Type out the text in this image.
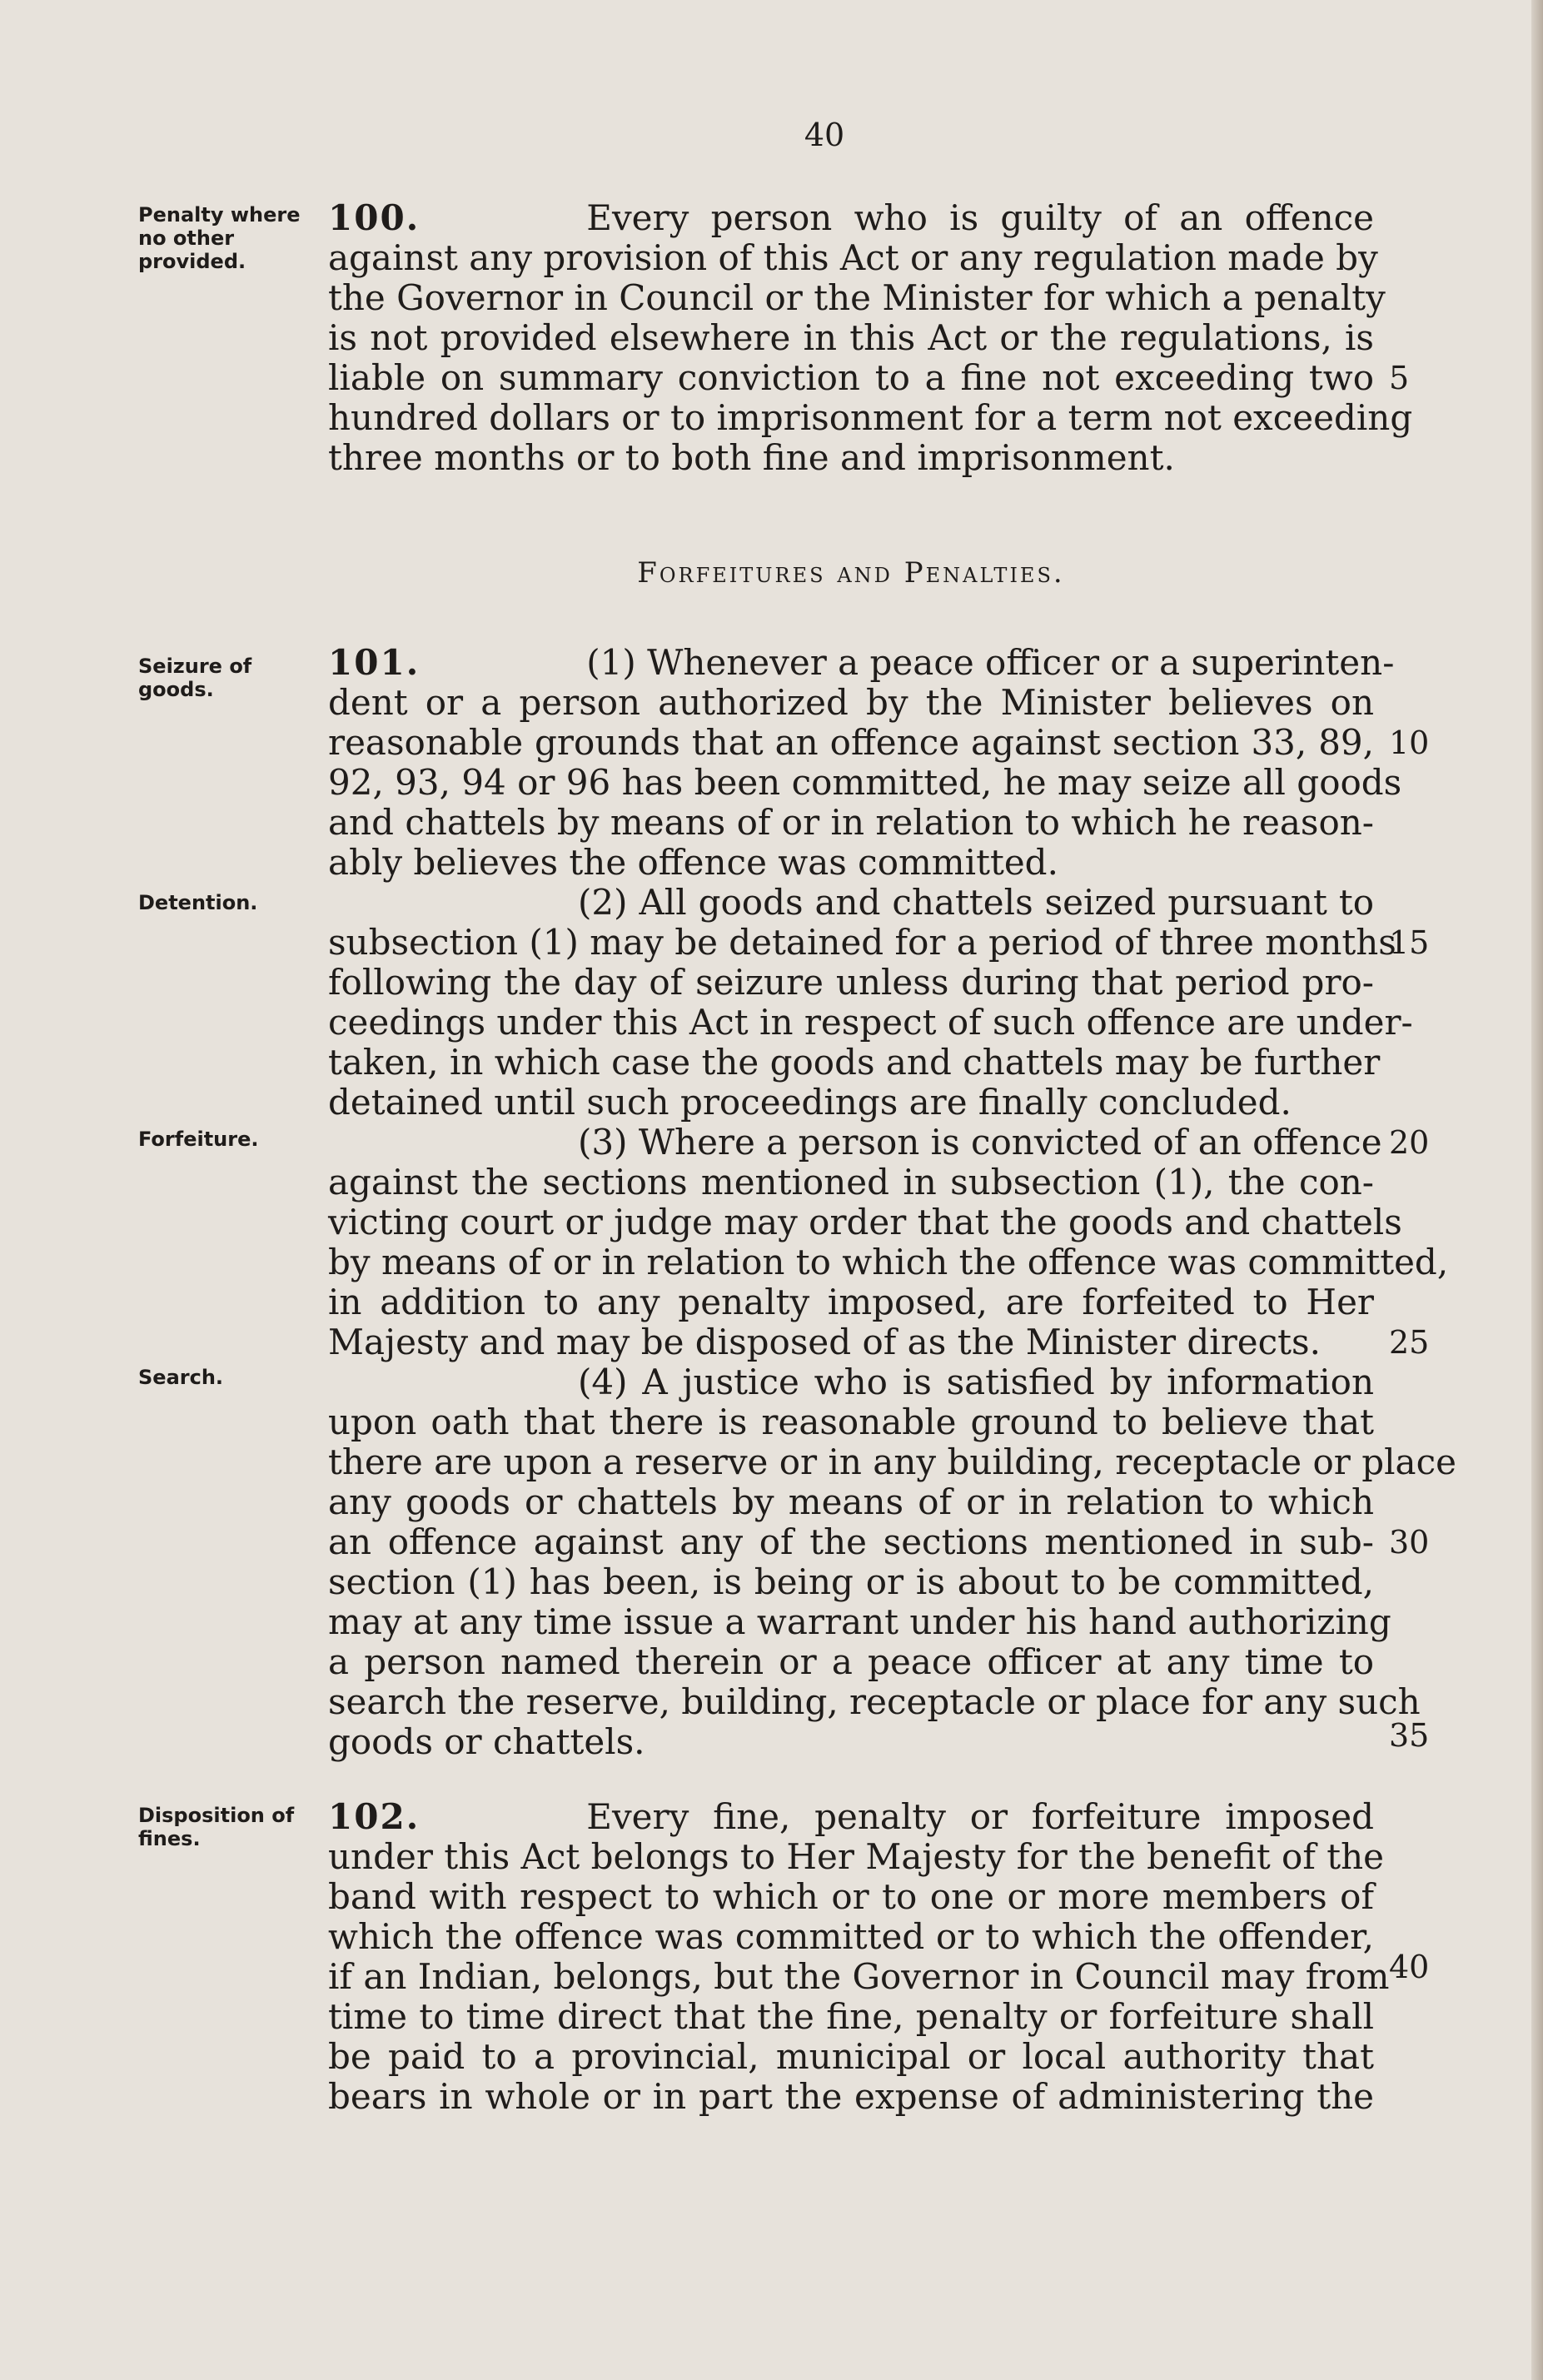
40
Penalty where no other provided.
Seizure of goods.
Detention.
Forfeiture.
Search.
Disposition of fines.
100.	Every person who is guilty of an offence
against any provision of this Act or any regulation made by
the Governor in Council or the Minister for which a penalty
is not provided elsewhere in this Act or the regulations, is
liable on summary conviction to a fine not exceeding two
hundred dollars or to imprisonment for a term not exceeding
three months or to both fine and imprisonment.
Forfeitures and Penalties.
101.	(1) Whenever a peace officer or a superinten-
dent or a person authorized by the Minister believes on
reasonable grounds that an offence against section 33, 89,
92, 93, 94 or 96 has been committed, he may seize all goods
and chattels by means of or in relation to which he reason-
ably believes the offence was committed.
(2) All goods and chattels seized pursuant to
subsection (1) may be detained for a period of three months
following the day of seizure unless during that period pro-
ceedings under this Act in respect of such offence are under-
taken, in which case the goods and chattels may be further
detained until such proceedings are finally concluded.
(3) Where a person is convicted of an offence
against the sections mentioned in subsection (1), the con-
victing court or judge may order that the goods and chattels
by means of or in relation to which the offence was committed,
in addition to any penalty imposed, are forfeited to Her
Majesty and may be disposed of as the Minister directs.
(4) A justice who is satisfied by information
upon oath that there is reasonable ground to believe that
there are upon a reserve or in any building, receptacle or place
any goods or chattels by means of or in relation to which
an offence against any of the sections mentioned in sub-
section (1) has been, is being or is about to be committed,
may at any time issue a warrant under his hand authorizing
a person named therein or a peace officer at any time to
search the reserve, building, receptacle or place for any such
goods or chattels.
102.	Every fine, penalty or forfeiture imposed
under this Act belongs to Her Majesty for the benefit of the
band with respect to which or to one or more members of
which the offence was committed or to which the offender,
if an Indian, belongs, but the Governor in Council may from
time to time direct that the fine, penalty or forfeiture shall
be paid to a provincial, municipal or local authority that
bears in whole or in part the expense of administering the
5
10
15
20
25
30
35
40
